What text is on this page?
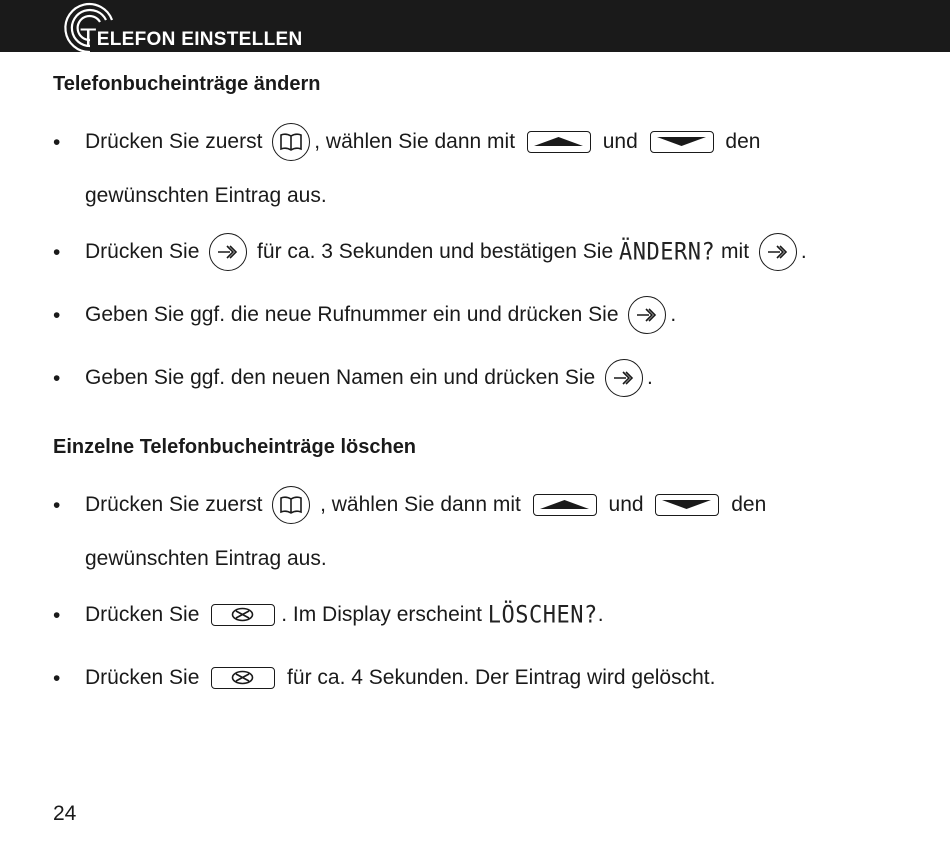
TELEFON EINSTELLEN
Telefonbucheinträge ändern
• Drücken Sie zuerst

, wählen Sie dann mit

	und

	den
gewünschten Eintrag aus.
• Drücken Sie

für ca. 3 Sekunden und bestätigen Sie ÄNDERN? mit

.
• Geben Sie ggf. die neue Rufnummer ein und drücken Sie

.
• Geben Sie ggf. den neuen Namen ein und drücken Sie

.
Einzelne Telefonbucheinträge löschen
• Drücken Sie zuerst

, wählen Sie dann mit

	und

	den
gewünschten Eintrag aus.
• Drücken Sie

	. Im Display erscheint LÖSCHEN? .
• Drücken Sie

	für ca. 4 Sekunden. Der Eintrag wird gelöscht.
24
